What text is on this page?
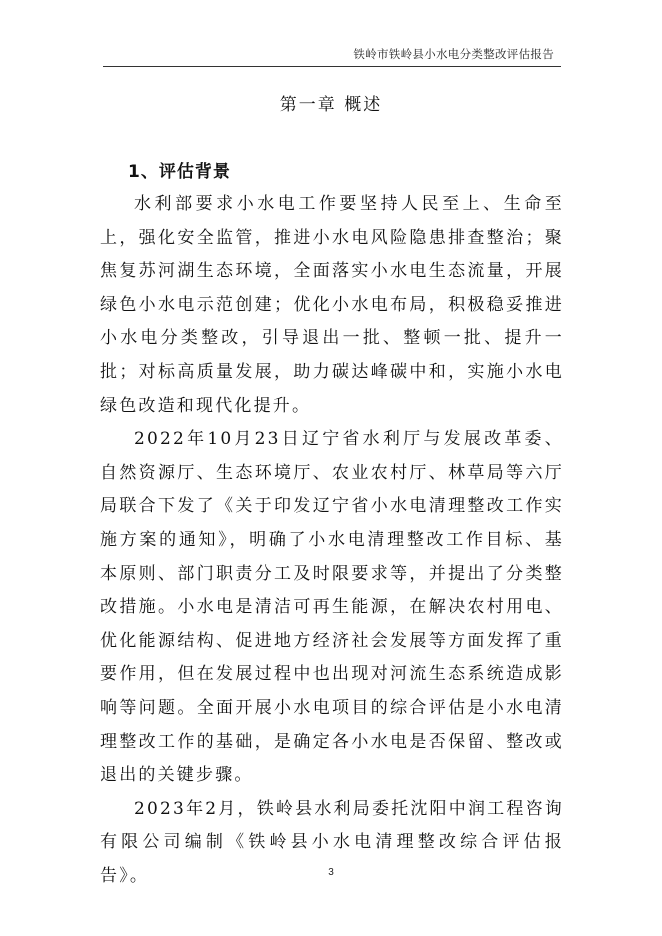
铁岭市铁岭县小水电分类整改评估报告
第一章 概述
1、评估背景

水利部要求小水电工作要坚持人民至上、生命至上，强化安全监管，推进小水电风险隐患排查整治；聚焦复苏河湖生态环境，全面落实小水电生态流量，开展绿色小水电示范创建；优化小水电布局，积极稳妥推进小水电分类整改，引导退出一批、整顿一批、提升一批；对标高质量发展，助力碳达峰碳中和，实施小水电绿色改造和现代化提升。

2022年10月23日辽宁省水利厅与发展改革委、自然资源厅、生态环境厅、农业农村厅、林草局等六厅局联合下发了《关于印发辽宁省小水电清理整改工作实施方案的通知》，明确了小水电清理整改工作目标、基本原则、部门职责分工及时限要求等，并提出了分类整改措施。小水电是清洁可再生能源，在解决农村用电、优化能源结构、促进地方经济社会发展等方面发挥了重要作用，但在发展过程中也出现对河流生态系统造成影响等问题。全面开展小水电项目的综合评估是小水电清理整改工作的基础，是确定各小水电是否保留、整改或退出的关键步骤。

2023年2月，铁岭县水利局委托沈阳中润工程咨询有限公司编制《铁岭县小水电清理整改综合评估报告》。	3
